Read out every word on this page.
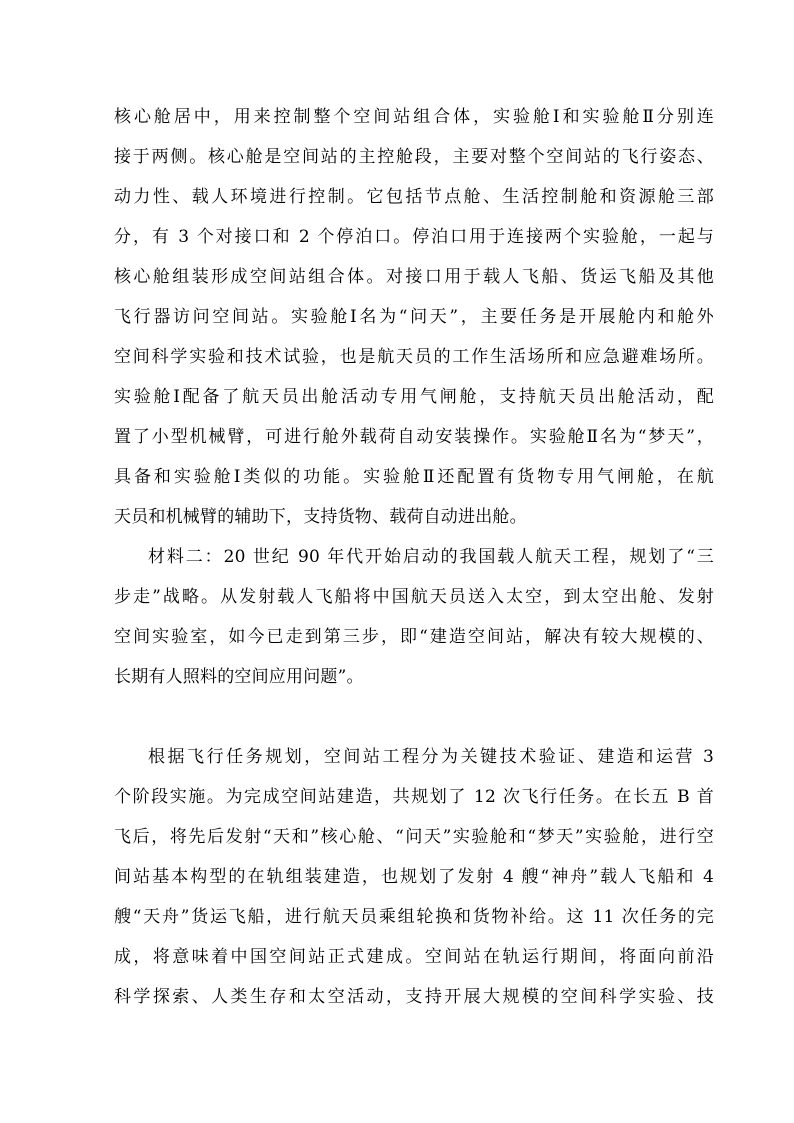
核心舱居中，用来控制整个空间站组合体，实验舱Ⅰ和实验舱Ⅱ分别连
接于两侧。核心舱是空间站的主控舱段，主要对整个空间站的飞行姿态、
动力性、载人环境进行控制。它包括节点舱、生活控制舱和资源舱三部
分，有 3 个对接口和 2 个停泊口。停泊口用于连接两个实验舱，一起与
核心舱组装形成空间站组合体。对接口用于载人飞船、货运飞船及其他
飞行器访问空间站。实验舱Ⅰ名为“问天”，主要任务是开展舱内和舱外
空间科学实验和技术试验，也是航天员的工作生活场所和应急避难场所。
实验舱Ⅰ配备了航天员出舱活动专用气闸舱，支持航天员出舱活动，配
置了小型机械臂，可进行舱外载荷自动安装操作。实验舱Ⅱ名为“梦天”，
具备和实验舱Ⅰ类似的功能。实验舱Ⅱ还配置有货物专用气闸舱，在航
天员和机械臂的辅助下，支持货物、载荷自动进出舱。
材料二：20 世纪 90 年代开始启动的我国载人航天工程，规划了“三
步走”战略。从发射载人飞船将中国航天员送入太空，到太空出舱、发射
空间实验室，如今已走到第三步，即“建造空间站，解决有较大规模的、
长期有人照料的空间应用问题”。
根据飞行任务规划，空间站工程分为关键技术验证、建造和运营 3
个阶段实施。为完成空间站建造，共规划了 12 次飞行任务。在长五 B 首
飞后，将先后发射“天和”核心舱、“问天”实验舱和“梦天”实验舱，进行空
间站基本构型的在轨组装建造，也规划了发射 4 艘“神舟”载人飞船和 4
艘“天舟”货运飞船，进行航天员乘组轮换和货物补给。这 11 次任务的完
成，将意味着中国空间站正式建成。空间站在轨运行期间，将面向前沿
科学探索、人类生存和太空活动，支持开展大规模的空间科学实验、技
